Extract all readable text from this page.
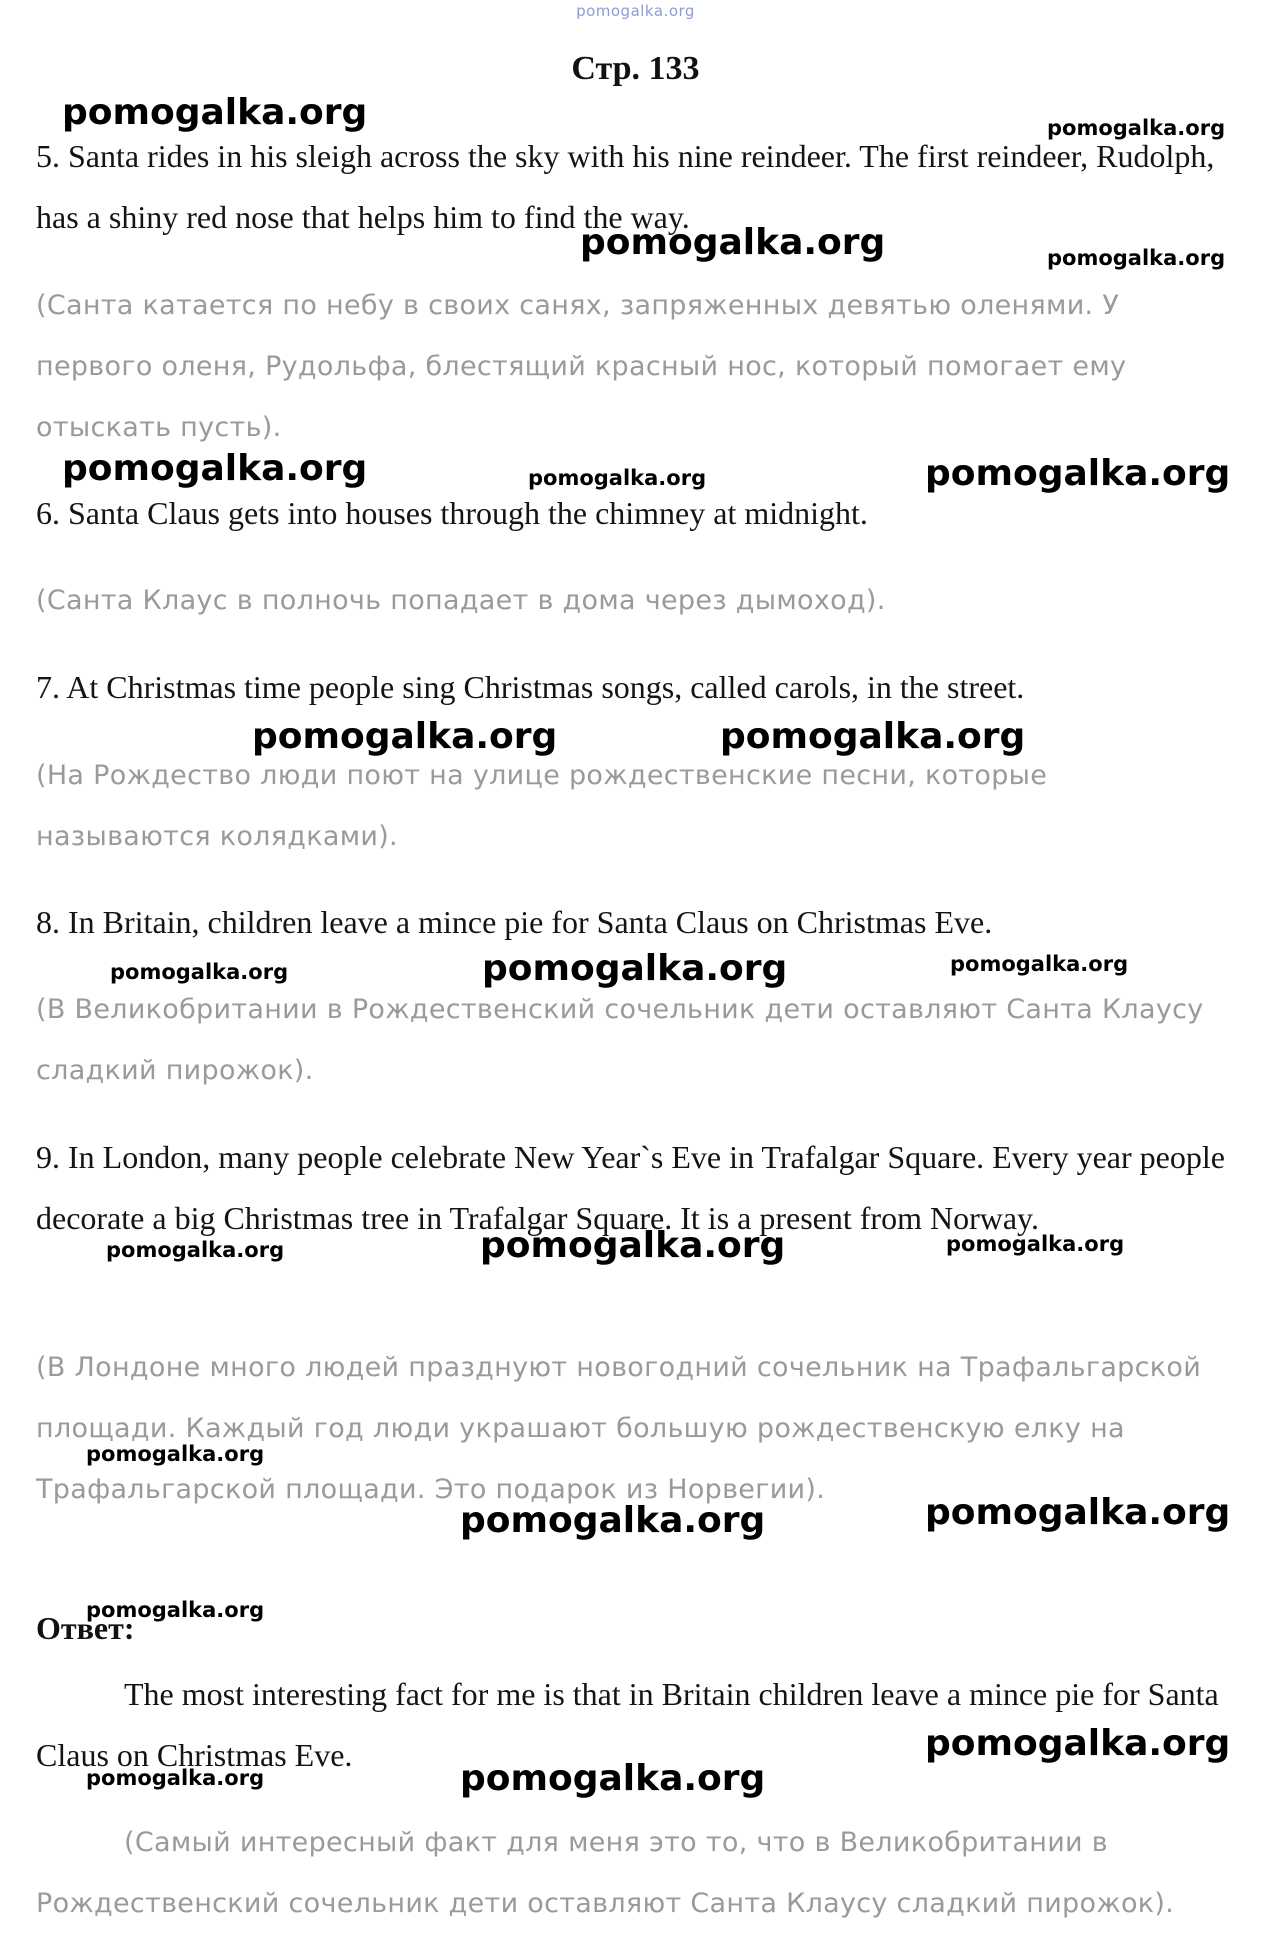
pomogalka.org
Стр. 133

5. Santa rides in his sleigh across the sky with his nine reindeer. The first reindeer, Rudolph, has a shiny red nose that helps him to find the way.

(Санта катается по небу в своих санях, запряженных девятью оленями. У первого оленя, Рудольфа, блестящий красный нос, который помогает ему отыскать пусть).

6. Santa Claus gets into houses through the chimney at midnight.

(Санта Клаус в полночь попадает в дома через дымоход).

7. At Christmas time people sing Christmas songs, called carols, in the street.

(На Рождество люди поют на улице рождественские песни, которые называются колядками).

8. In Britain, children leave a mince pie for Santa Claus on Christmas Eve.

(В Великобритании в Рождественский сочельник дети оставляют Санта Клаусу сладкий пирожок).

9. In London, many people celebrate New Year`s Eve in Trafalgar Square. Every year people decorate a big Christmas tree in Trafalgar Square. It is a present from Norway.

(В Лондоне много людей празднуют новогодний сочельник на Трафальгарской площади. Каждый год люди украшают большую рождественскую елку на Трафальгарской площади. Это подарок из Норвегии).

Ответ:

The most interesting fact for me is that in Britain children leave a mince pie for Santa Claus on Christmas Eve.

(Самый интересный факт для меня это то, что в Великобритании в Рождественский сочельник дети оставляют Санта Клаусу сладкий пирожок).

pomogalka.org	pomogalka.org
pomogalka.org	pomogalka.org
pomogalka.org	pomogalka.org	pomogalka.org
pomogalka.org	pomogalka.org
pomogalka.org	pomogalka.org	pomogalka.org
pomogalka.org	pomogalka.org	pomogalka.org
pomogalka.org
pomogalka.org	pomogalka.org
pomogalka.org
pomogalka.org
pomogalka.org	pomogalka.org
